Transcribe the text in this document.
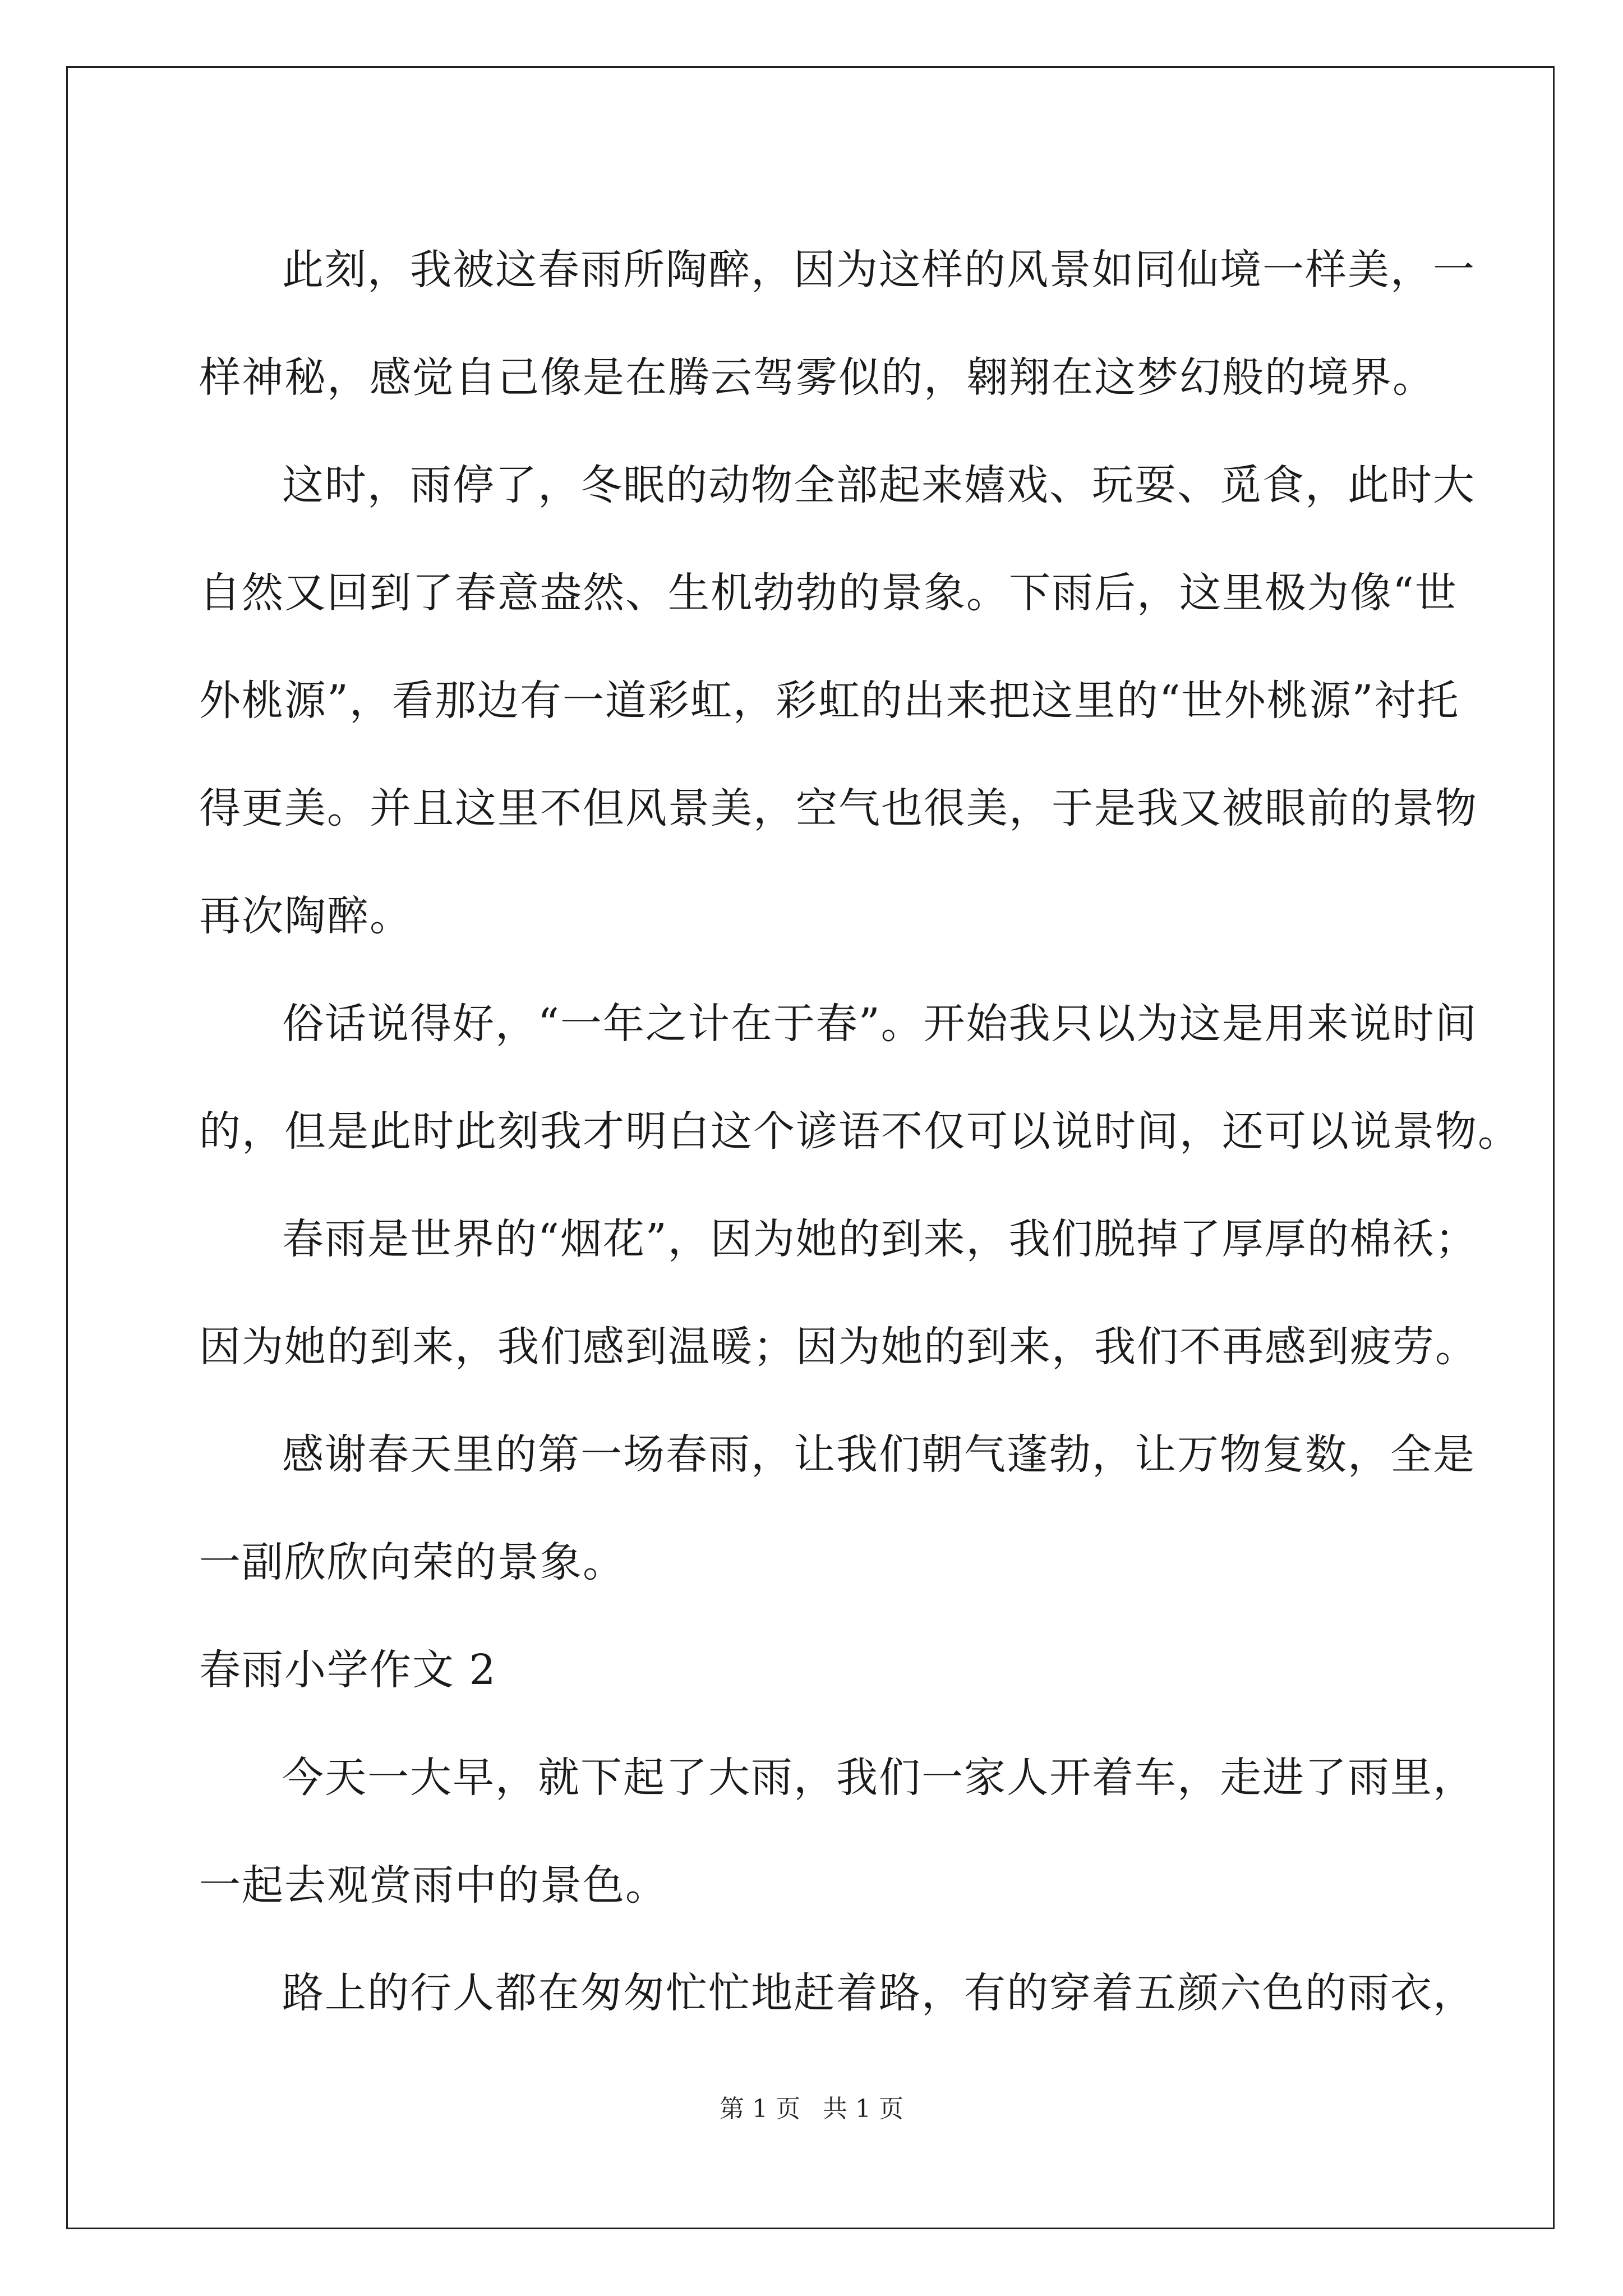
此刻，我被这春雨所陶醉，因为这样的风景如同仙境一样美，一
样神秘，感觉自己像是在腾云驾雾似的，翱翔在这梦幻般的境界。
这时，雨停了，冬眠的动物全部起来嬉戏、玩耍、觅食，此时大
自然又回到了春意盎然、生机勃勃的景象。下雨后，这里极为像“世
外桃源”，看那边有一道彩虹，彩虹的出来把这里的“世外桃源”衬托
得更美。并且这里不但风景美，空气也很美，于是我又被眼前的景物
再次陶醉。
俗话说得好，“一年之计在于春”。开始我只以为这是用来说时间
的，但是此时此刻我才明白这个谚语不仅可以说时间，还可以说景物。
春雨是世界的“烟花”，因为她的到来，我们脱掉了厚厚的棉袄；
因为她的到来，我们感到温暖；因为她的到来，我们不再感到疲劳。
感谢春天里的第一场春雨，让我们朝气蓬勃，让万物复数，全是
一副欣欣向荣的景象。
春雨小学作文 2
今天一大早，就下起了大雨，我们一家人开着车，走进了雨里，
一起去观赏雨中的景色。
路上的行人都在匆匆忙忙地赶着路，有的穿着五颜六色的雨衣，
第 1 页 共 1 页
